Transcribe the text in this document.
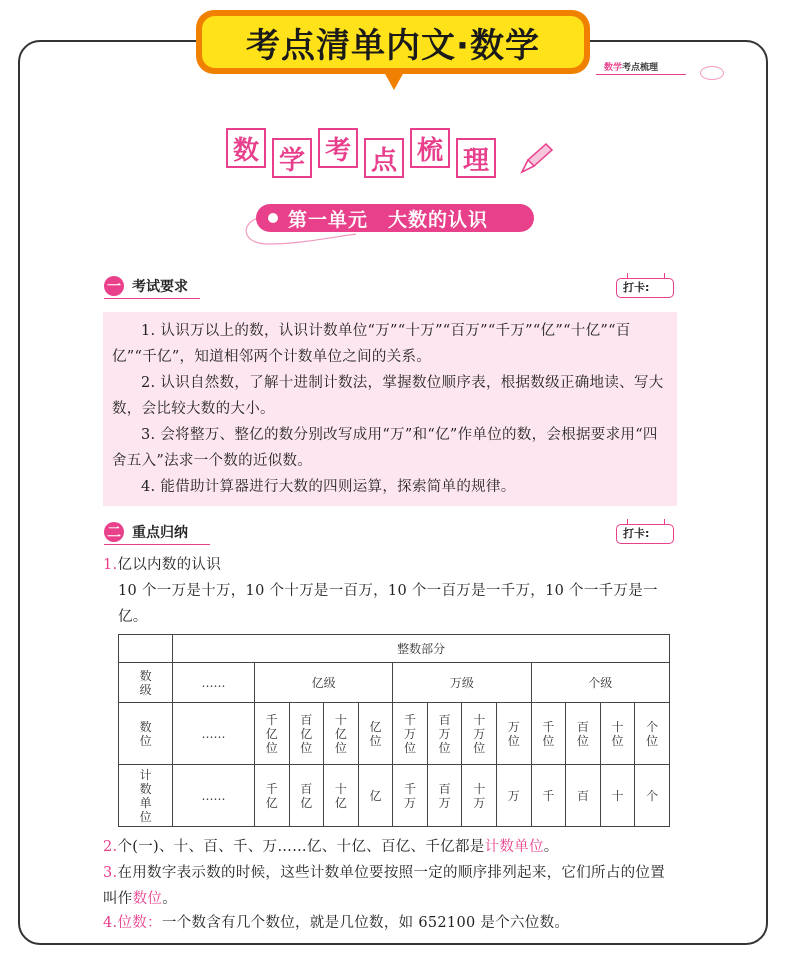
考点清单内文·数学
数学考点梳理
数 学 考 点 梳 理
第一单元　大数的认识
一 考试要求	打卡:

1. 认识万以上的数，认识计数单位“万”“十万”“百万”“千万”“亿”“十亿”“百亿”“千亿”，知道相邻两个计数单位之间的关系。

2. 认识自然数，了解十进制计数法，掌握数位顺序表，根据数级正确地读、写大数，会比较大数的大小。

3. 会将整万、整亿的数分别改写成用“万”和“亿”作单位的数，会根据要求用“四舍五入”法求一个数的近似数。

4. 能借助计算器进行大数的四则运算，探索简单的规律。

二 重点归纳	打卡:
1.亿以内数的认识
10 个一万是十万，10 个十万是一百万，10 个一百万是一千万，10 个一千万是一亿。
	整数部分												

数级	……	亿级				万级				个级			

数位	……	千亿位	百亿位	十亿位	亿位	千万位	百万位	十万位	万位	千位	百位	十位	个位

计数单位	……	千亿	百亿	十亿	亿	千万	百万	十万	万	千	百	十	个
2.个(一)、十、百、千、万……亿、十亿、百亿、千亿都是计数单位。
3.在用数字表示数的时候，这些计数单位要按照一定的顺序排列起来，它们所占的位置叫作数位。
4.位数：一个数含有几个数位，就是几位数，如 652100 是个六位数。
